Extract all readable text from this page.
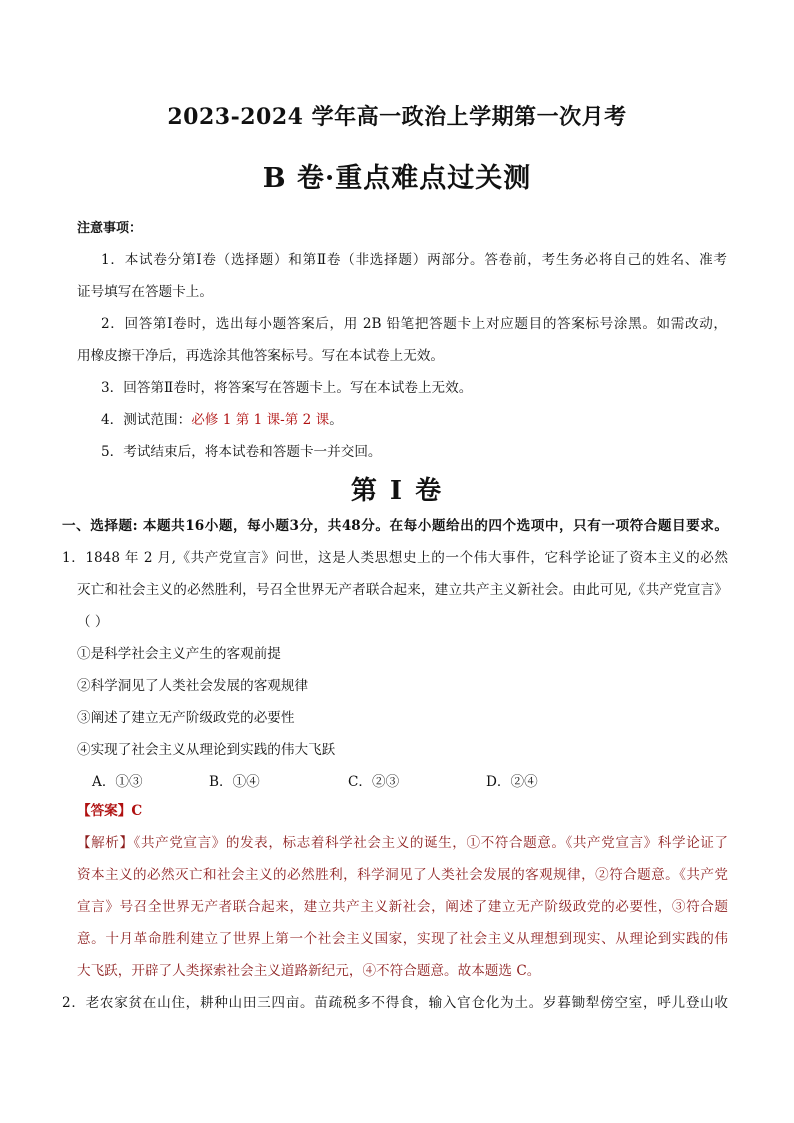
2023-2024 学年高一政治上学期第一次月考
B 卷·重点难点过关测
注意事项：
1．本试卷分第Ⅰ卷（选择题）和第Ⅱ卷（非选择题）两部分。答卷前，考生务必将自己的姓名、准考
证号填写在答题卡上。
2．回答第Ⅰ卷时，选出每小题答案后，用 2B 铅笔把答题卡上对应题目的答案标号涂黑。如需改动，
用橡皮擦干净后，再选涂其他答案标号。写在本试卷上无效。
3．回答第Ⅱ卷时，将答案写在答题卡上。写在本试卷上无效。
4．测试范围：必修 1 第 1 课-第 2 课。
5．考试结束后，将本试卷和答题卡一并交回。
第 I 卷
一、选择题: 本题共16小题，每小题3分，共48分。在每小题给出的四个选项中，只有一项符合题目要求。
1．1848 年 2 月,《共产党宣言》问世，这是人类思想史上的一个伟大事件，它科学论证了资本主义的必然
灭亡和社会主义的必然胜利，号召全世界无产者联合起来，建立共产主义新社会。由此可见,《共产党宣言》
（ ）
①是科学社会主义产生的客观前提
②科学洞见了人类社会发展的客观规律
③阐述了建立无产阶级政党的必要性
④实现了社会主义从理论到实践的伟大飞跃
A．①③	B．①④	C．②③	D．②④
【答案】C
【解析】《共产党宣言》的发表，标志着科学社会主义的诞生，①不符合题意。《共产党宣言》科学论证了
资本主义的必然灭亡和社会主义的必然胜利，科学洞见了人类社会发展的客观规律，②符合题意。《共产党
宣言》号召全世界无产者联合起来，建立共产主义新社会，阐述了建立无产阶级政党的必要性，③符合题
意。十月革命胜利建立了世界上第一个社会主义国家，实现了社会主义从理想到现实、从理论到实践的伟
大飞跃，开辟了人类探索社会主义道路新纪元，④不符合题意。故本题选 C。
2．老农家贫在山住，耕种山田三四亩。苗疏税多不得食，输入官仓化为土。岁暮锄犁傍空室，呼儿登山收
